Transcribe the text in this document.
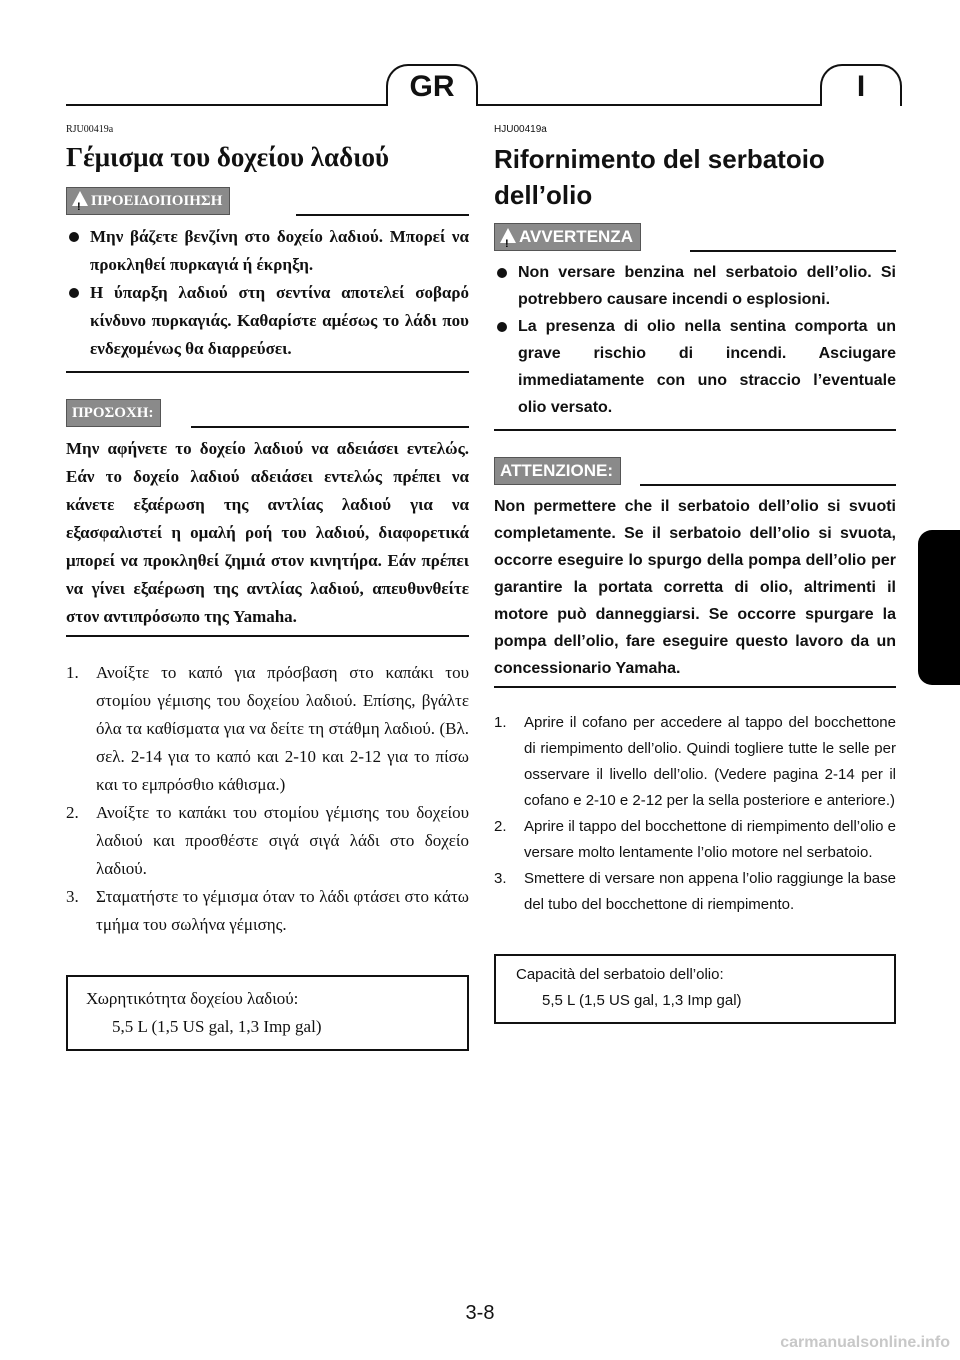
GR	I
RJU00419a
Γέμισμα του δοχείου λαδιού
!ΠΡΟΕΙΔΟΠΟΙΗΣΗ
Μην βάζετε βενζίνη στο δοχείο λαδιού. Μπορεί να προκληθεί πυρκαγιά ή έκρηξη.
Η ύπαρξη λαδιού στη σεντίνα αποτελεί σοβαρό κίνδυνο πυρκαγιάς. Καθαρίστε αμέσως το λάδι που ενδεχομένως θα διαρρεύσει.
ΠΡΟΣΟΧΗ:

Μην αφήνετε το δοχείο λαδιού να αδειάσει εντελώς. Εάν το δοχείο λαδιού αδειάσει εντελώς πρέπει να κάνετε εξαέρωση της αντλίας λαδιού για να εξασφαλιστεί η ομαλή ροή του λαδιού, διαφορετικά μπορεί να προκληθεί ζημιά στον κινητήρα. Εάν πρέπει να γίνει εξαέρωση της αντλίας λαδιού, απευθυνθείτε στον αντιπρόσωπο της Yamaha.

1. Ανοίξτε το καπό για πρόσβαση στο καπάκι του στομίου γέμισης του δοχείου λαδιού. Επίσης, βγάλτε όλα τα καθίσματα για να δείτε τη στάθμη λαδιού. (Βλ. σελ. 2-14 για το καπό και 2-10 και 2-12 για το πίσω και το εμπρόσθιο κάθισμα.)
2. Ανοίξτε το καπάκι του στομίου γέμισης του δοχείου λαδιού και προσθέστε σιγά σιγά λάδι στο δοχείο λαδιού.
3. Σταματήστε το γέμισμα όταν το λάδι φτάσει στο κάτω τμήμα του σωλήνα γέμισης.
Χωρητικότητα δοχείου λαδιού:
5,5 L (1,5 US gal, 1,3 Imp gal)
HJU00419a
Rifornimento del serbatoio dell’olio
!AVVERTENZA
Non versare benzina nel serbatoio dell’olio. Si potrebbero causare incendi o esplosioni.
La presenza di olio nella sentina comporta un grave rischio di incendi. Asciugare immediatamente con uno straccio l’eventuale olio versato.
ATTENZIONE:

Non permettere che il serbatoio dell’olio si svuoti completamente. Se il serbatoio dell’olio si svuota, occorre eseguire lo spurgo della pompa dell’olio per garantire la portata corretta di olio, altrimenti il motore può danneggiarsi. Se occorre spurgare la pompa dell’olio, fare eseguire questo lavoro da un concessionario Yamaha.

1. Aprire il cofano per accedere al tappo del bocchettone di riempimento dell’olio. Quindi togliere tutte le selle per osservare il livello dell’olio. (Vedere pagina 2-14 per il cofano e 2-10 e 2-12 per la sella posteriore e anteriore.)
2. Aprire il tappo del bocchettone di riempimento dell’olio e versare molto lentamente l’olio motore nel serbatoio.
3. Smettere di versare non appena l’olio raggiunge la base del tubo del bocchettone di riempimento.
Capacità del serbatoio dell’olio:
5,5 L (1,5 US gal, 1,3 Imp gal)
3-8
carmanualsonline.info
